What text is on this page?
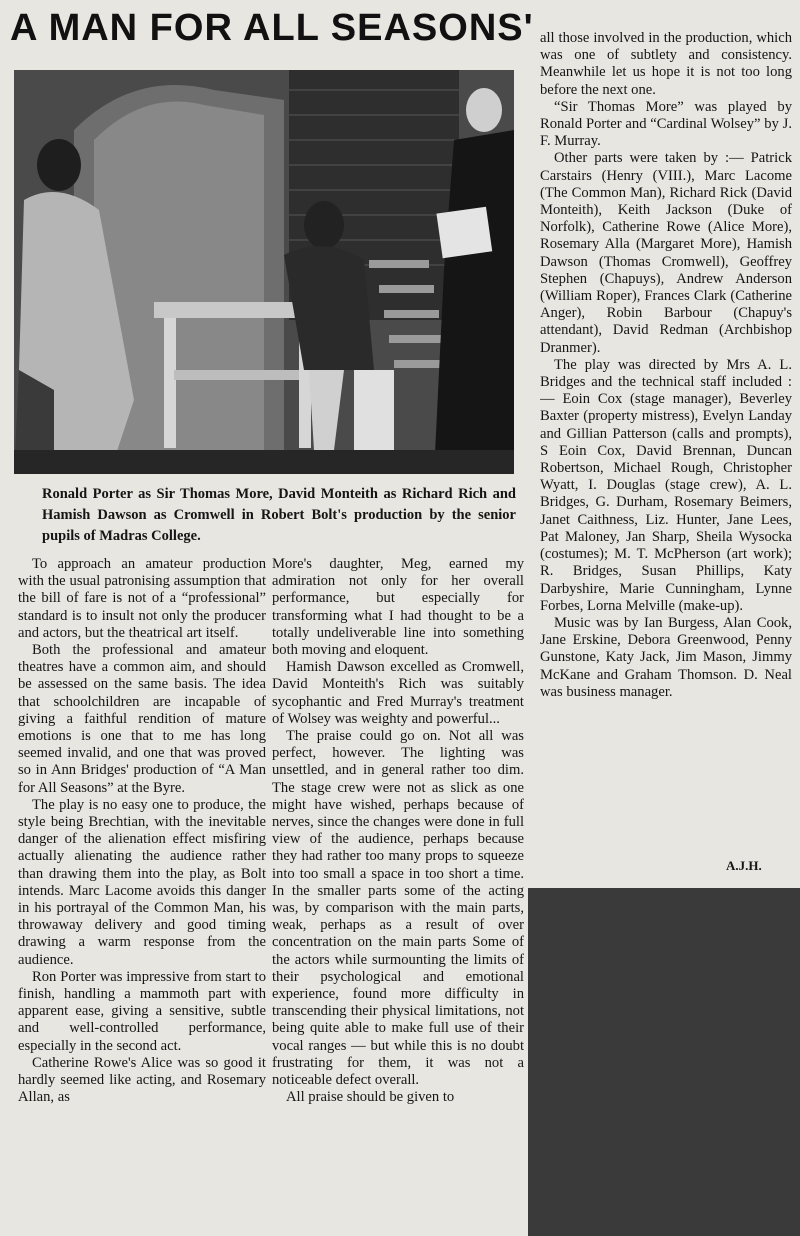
A MAN FOR ALL SEASONS'
Ronald Porter as Sir Thomas More, David Monteith as Richard Rich and Hamish Dawson as Cromwell in Robert Bolt's production by the senior pupils of Madras College.

To approach an amateur production with the usual patronising assumption that the bill of fare is not of a “professional” standard is to insult not only the producer and actors, but the theatrical art itself.

Both the professional and amateur theatres have a common aim, and should be assessed on the same basis. The idea that schoolchildren are incapable of giving a faithful rendition of mature emotions is one that to me has long seemed invalid, and one that was proved so in Ann Bridges' production of “A Man for All Seasons” at the Byre.

The play is no easy one to produce, the style being Brechtian, with the inevitable danger of the alienation effect misfiring actually alienating the audience rather than drawing them into the play, as Bolt intends. Marc Lacome avoids this danger in his portrayal of the Common Man, his throwaway delivery and good timing drawing a warm response from the audience.

Ron Porter was impressive from start to finish, handling a mammoth part with apparent ease, giving a sensitive, subtle and well-controlled performance, especially in the second act.

Catherine Rowe's Alice was so good it hardly seemed like acting, and Rosemary Allan, as

More's daughter, Meg, earned my admiration not only for her overall performance, but especially for transforming what I had thought to be a totally undeliverable line into something both moving and eloquent.

Hamish Dawson excelled as Cromwell, David Monteith's Rich was suitably sycophantic and Fred Murray's treatment of Wolsey was weighty and powerful...

The praise could go on. Not all was perfect, however. The lighting was unsettled, and in general rather too dim. The stage crew were not as slick as one might have wished, perhaps because of nerves, since the changes were done in full view of the audience, perhaps because they had rather too many props to squeeze into too small a space in too short a time. In the smaller parts some of the acting was, by comparison with the main parts, weak, perhaps as a result of over concentration on the main parts Some of the actors while surmounting the limits of their psychological and emotional experience, found more difficulty in transcending their physical limitations, not being quite able to make full use of their vocal ranges — but while this is no doubt frustrating for them, it was not a noticeable defect overall.

All praise should be given to

all those involved in the production, which was one of subtlety and consistency. Meanwhile let us hope it is not too long before the next one.

“Sir Thomas More” was played by Ronald Porter and “Cardinal Wolsey” by J. F. Murray.

Other parts were taken by :— Patrick Carstairs (Henry (VIII.), Marc Lacome (The Common Man), Richard Rick (David Monteith), Keith Jackson (Duke of Norfolk), Catherine Rowe (Alice More), Rosemary Alla (Margaret More), Hamish Dawson (Thomas Cromwell), Geoffrey Stephen (Chapuys), Andrew Anderson (William Roper), Frances Clark (Catherine Anger), Robin Barbour (Chapuy's attendant), David Redman (Archbishop Dranmer).

The play was directed by Mrs A. L. Bridges and the technical staff included :— Eoin Cox (stage manager), Beverley Baxter (property mistress), Evelyn Landay and Gillian Patterson (calls and prompts), S Eoin Cox, David Brennan, Duncan Robertson, Michael Rough, Christopher Wyatt, I. Douglas (stage crew), A. L. Bridges, G. Durham, Rosemary Beimers, Janet Caithness, Liz. Hunter, Jane Lees, Pat Maloney, Jan Sharp, Sheila Wysocka (costumes); M. T. McPherson (art work); R. Bridges, Susan Phillips, Katy Darbyshire, Marie Cunningham, Lynne Forbes, Lorna Melville (make-up).

Music was by Ian Burgess, Alan Cook, Jane Erskine, Debora Greenwood, Penny Gunstone, Katy Jack, Jim Mason, Jimmy McKane and Graham Thomson. D. Neal was business manager.

A.J.H.
